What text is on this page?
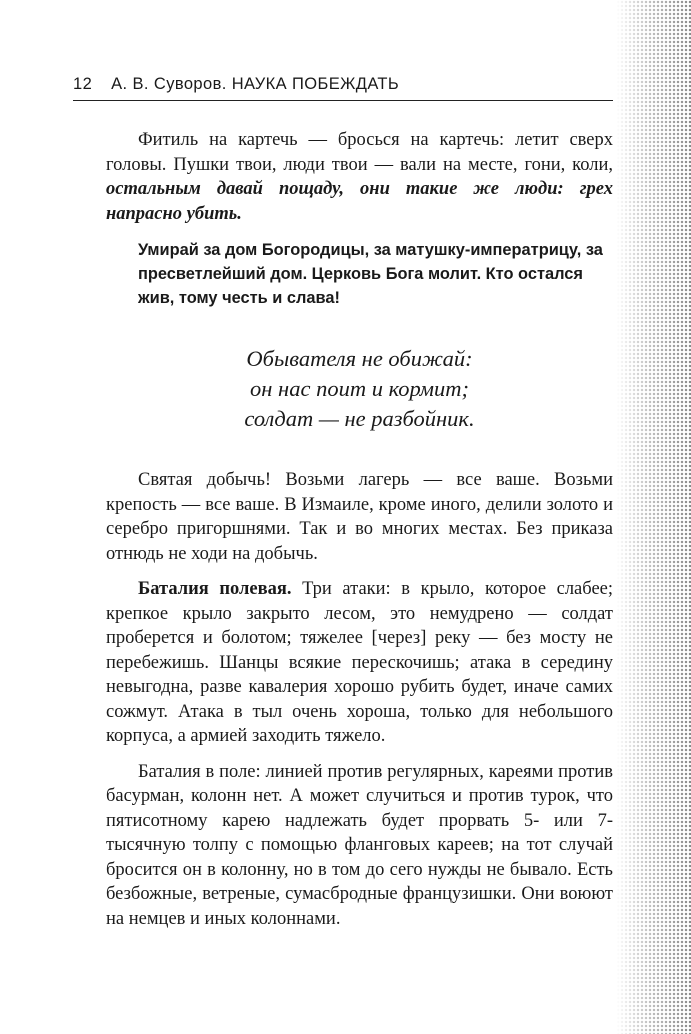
12 А. В. Суворов. НАУКА ПОБЕЖДАТЬ

Фитиль на картечь — бросься на картечь: летит сверх головы. Пушки твои, люди твои — вали на месте, гони, коли, остальным давай пощаду, они такие же люди: грех напрасно убить.

Умирай за дом Богородицы, за матушку-императрицу, за пресветлейший дом. Церковь Бога молит. Кто остался жив, тому честь и слава!
Обывателя не обижай:
он нас поит и кормит;
солдат — не разбойник.

Святая добычь! Возьми лагерь — все ваше. Возьми крепость — все ваше. В Измаиле, кроме иного, делили золото и серебро пригоршнями. Так и во многих местах. Без приказа отнюдь не ходи на добычь.

Баталия полевая. Три атаки: в крыло, которое слабее; крепкое крыло закрыто лесом, это немудрено — солдат проберется и болотом; тяжелее [через] реку — без мосту не перебежишь. Шанцы всякие перескочишь; атака в середину невыгодна, разве кавалерия хорошо рубить будет, иначе самих сожмут. Атака в тыл очень хороша, только для небольшого корпуса, а армией заходить тяжело.

Баталия в поле: линией против регулярных, кареями против басурман, колонн нет. А может случиться и против турок, что пятисотному карею надлежать будет прорвать 5- или 7-тысячную толпу с помощью фланговых кареев; на тот случай бросится он в колонну, но в том до сего нужды не бывало. Есть безбожные, ветреные, сумасбродные французишки. Они воюют на немцев и иных колоннами.
